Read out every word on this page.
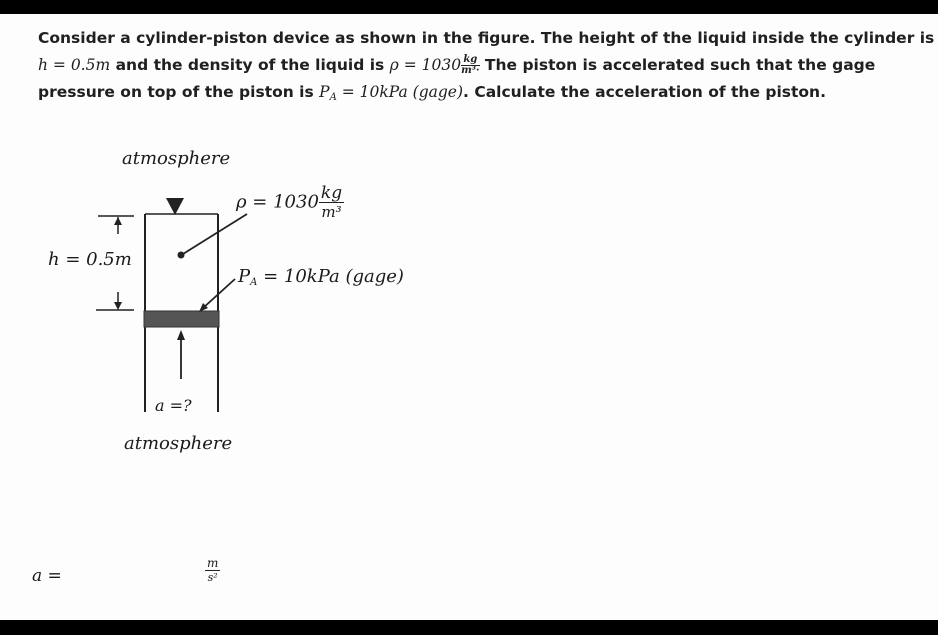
Consider a cylinder-piston device as shown in the figure. The height of the liquid inside the cylinder is

h = 0.5m and the density of the liquid is $\rho = 1030 \frac{kg}{\text{m³·}}$ The piston is accelerated such that the gage

pressure on top of the piston is $P_A = 10kPa$ (gage). Calculate the acceleration of the piston.

atmosphere
$\rho = 1030 \frac{kg}{\text{m³}}$
h = 0.5m
$P_A = 10kPa$ (gage)
a =?
atmosphere
a =	$\frac{m}{\text{s²}}$
